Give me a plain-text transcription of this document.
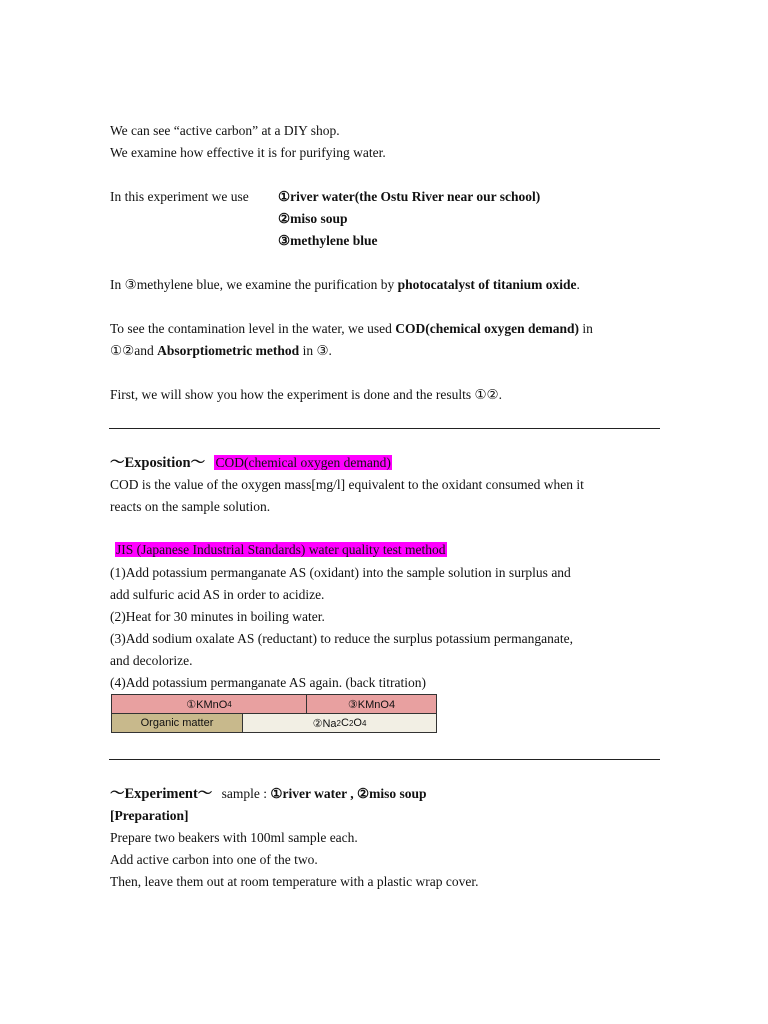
We can see “active carbon” at a DIY shop.
We examine how effective it is for purifying water.
In this experiment we use ①river water(the Ostu River near our school)
②miso soup
③methylene blue
In ③methylene blue, we examine the purification by photocatalyst of titanium oxide.
To see the contamination level in the water, we used COD(chemical oxygen demand) in
①②and Absorptiometric method in ③.
First, we will show you how the experiment is done and the results ①②.
～Exposition～ COD(chemical oxygen demand)
COD is the value of the oxygen mass[mg/l] equivalent to the oxidant consumed when it
reacts on the sample solution.
JIS (Japanese Industrial Standards) water quality test method
(1)Add potassium permanganate AS (oxidant) into the sample solution in surplus and
add sulfuric acid AS in order to acidize.
(2)Heat for 30 minutes in boiling water.
(3)Add sodium oxalate AS (reductant) to reduce the surplus potassium permanganate,
and decolorize.
(4)Add potassium permanganate AS again. (back titration)
①KMnO 4	③KMnO4
Organic matter	②Na 2 C 2 O 4
～Experiment～ sample : ①river water , ②miso soup
[Preparation]
Prepare two beakers with 100ml sample each.
Add active carbon into one of the two.
Then, leave them out at room temperature with a plastic wrap cover.
